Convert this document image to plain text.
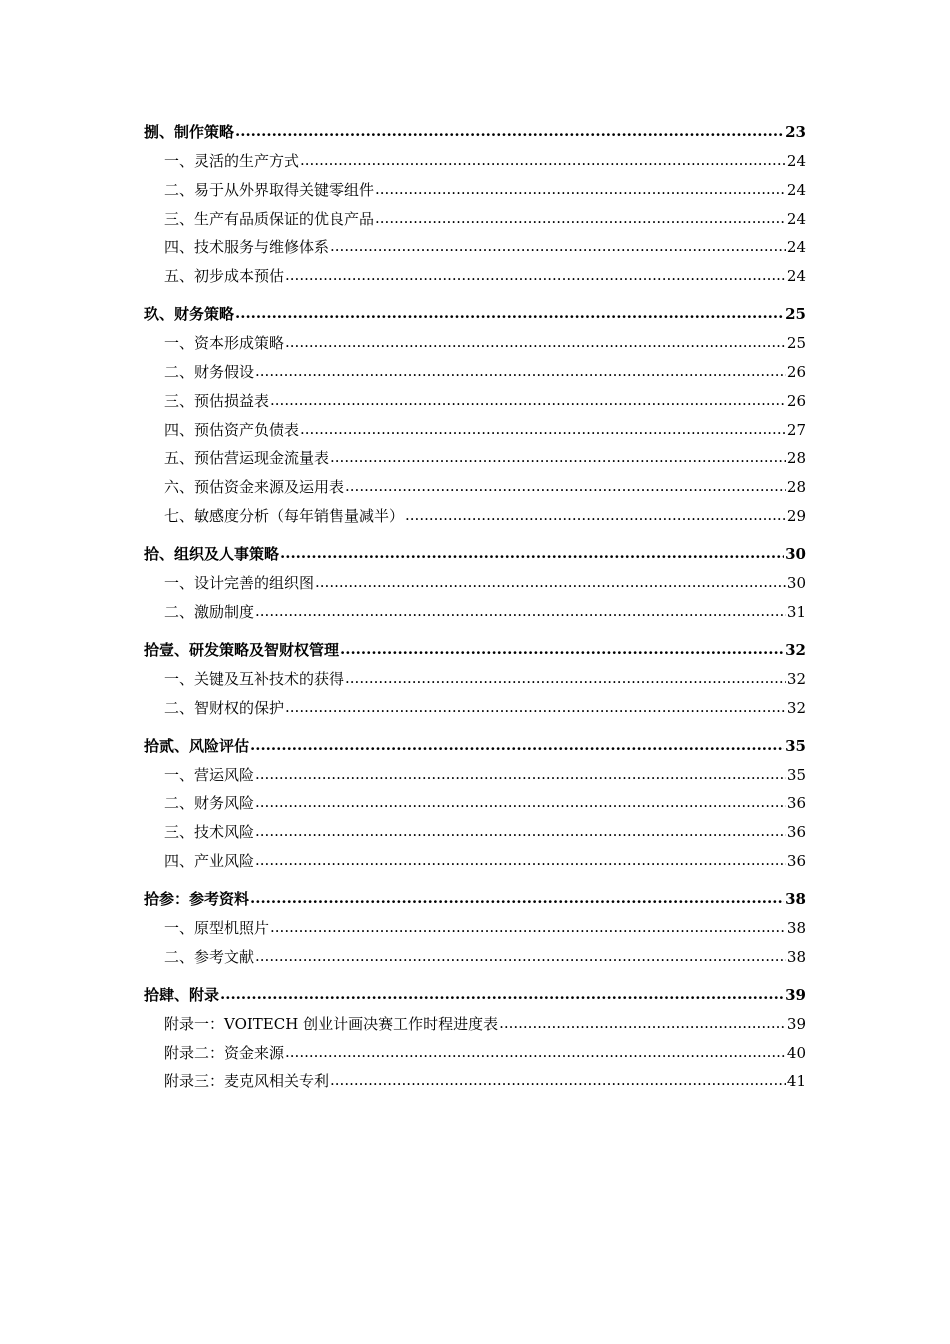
捌、制作策略 .....	23
一、灵活的生产方式 .....	24
二、易于从外界取得关键零组件 .....	24
三、生产有品质保证的优良产品 .....	24
四、技术服务与维修体系 .....	24
五、初步成本预估 .....	24
玖、财务策略 .....	25
一、资本形成策略 .....	25
二、财务假设 .....	26
三、预估损益表 .....	26
四、预估资产负债表 .....	27
五、预估营运现金流量表 .....	28
六、预估资金来源及运用表 .....	28
七、敏感度分析（每年销售量减半） .....	29
拾、组织及人事策略 .....	30
一、设计完善的组织图 .....	30
二、激励制度 .....	31
拾壹、研发策略及智财权管理 .....	32
一、关键及互补技术的获得 .....	32
二、智财权的保护 .....	32
拾贰、风险评估 .....	35
一、营运风险 .....	35
二、财务风险 .....	36
三、技术风险 .....	36
四、产业风险 .....	36
拾参：参考资料 .....	38
一、原型机照片 .....	38
二、参考文献 .....	38
拾肆、附录 .....	39
附录一：VOITECH 创业计画决赛工作时程进度表 .....	39
附录二：资金来源 .....	40
附录三：麦克风相关专利 .....	41
